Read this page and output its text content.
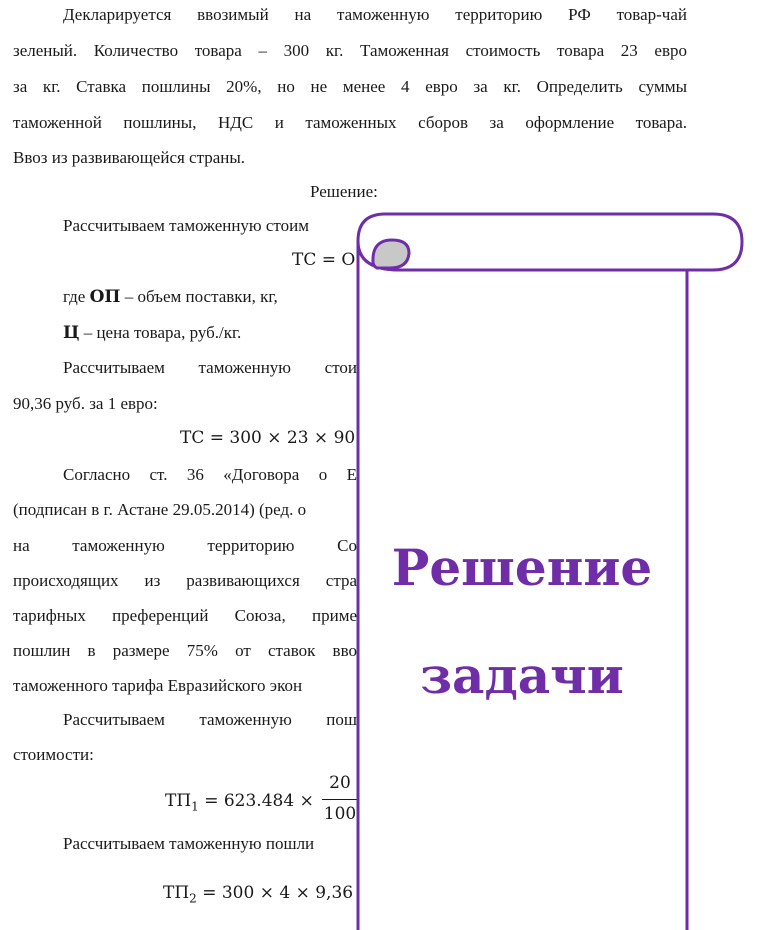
Декларируется ввозимый на таможенную территорию РФ товар-чай
зеленый. Количество товара – 300 кг. Таможенная стоимость товара 23 евро
за кг. Ставка пошлины 20%, но не менее 4 евро за кг. Определить суммы
таможенной пошлины, НДС и таможенных сборов за оформление товара.
Ввоз из развивающейся страны.
Решение:
Рассчитываем таможенную стоим
ТС = О
где ОП – объем поставки, кг,
Ц – цена товара, руб./кг.
Рассчитываем таможенную стои
90,36 руб. за 1 евро:
ТС = 300 × 23 × 90
Согласно ст. 36 «Договора о Е
(подписан в г. Астане 29.05.2014) (ред. о
на таможенную территорию Со
происходящих из развивающихся стра
тарифных преференций Союза, приме
пошлин в размере 75% от ставок вво
таможенного тарифа Евразийского экон
Рассчитываем таможенную пош
стоимости:
$ТП_1 = 623.484$ ×
20
100
Рассчитываем таможенную пошли
$ТП_2 = 300 \times 4 \times 9,36$
Решение
задачи
